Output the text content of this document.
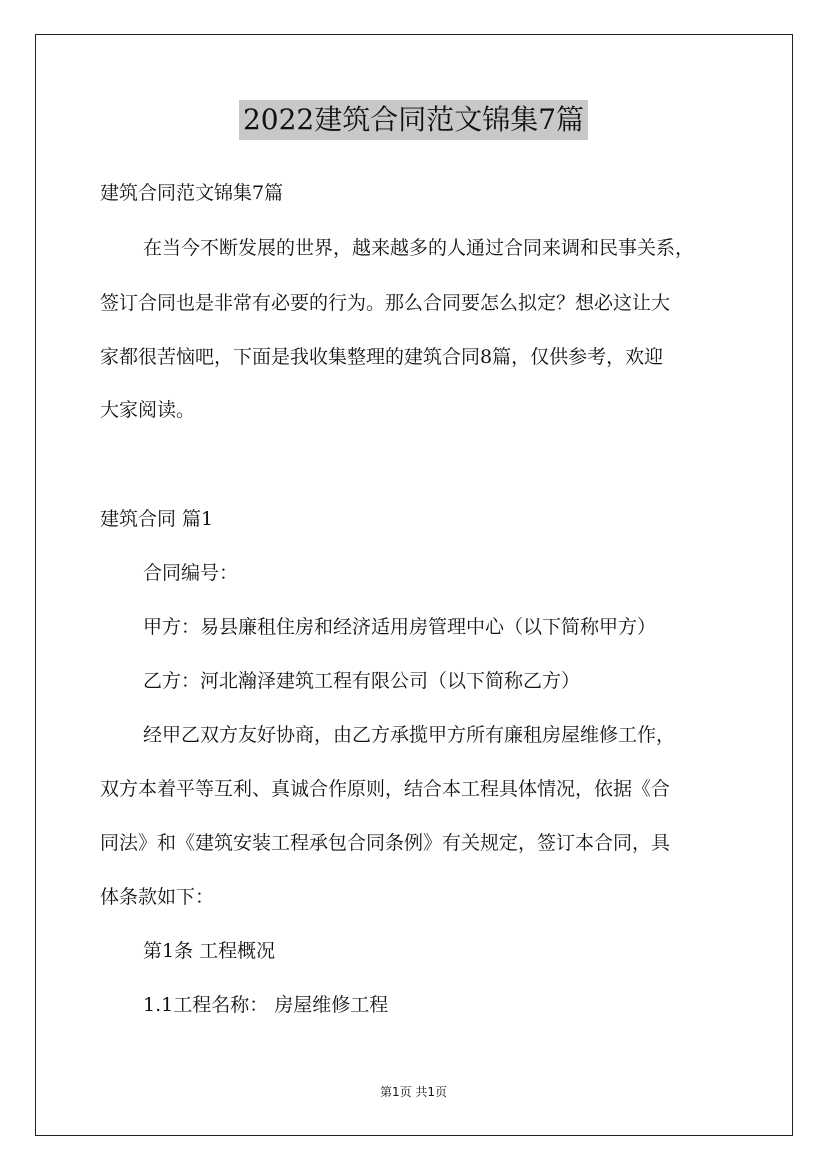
2022建筑合同范文锦集7篇
建筑合同范文锦集7篇
在当今不断发展的世界，越来越多的人通过合同来调和民事关系，
签订合同也是非常有必要的行为。那么合同要怎么拟定？想必这让大
家都很苦恼吧，下面是我收集整理的建筑合同8篇，仅供参考，欢迎
大家阅读。
建筑合同 篇1
合同编号：
甲方：易县廉租住房和经济适用房管理中心（以下简称甲方）
乙方：河北瀚泽建筑工程有限公司（以下简称乙方）
经甲乙双方友好协商，由乙方承揽甲方所有廉租房屋维修工作，
双方本着平等互利、真诚合作原则，结合本工程具体情况，依据《合
同法》和《建筑安装工程承包合同条例》有关规定，签订本合同，具
体条款如下：
第1条 工程概况
1.1工程名称： 房屋维修工程
第1页 共1页
